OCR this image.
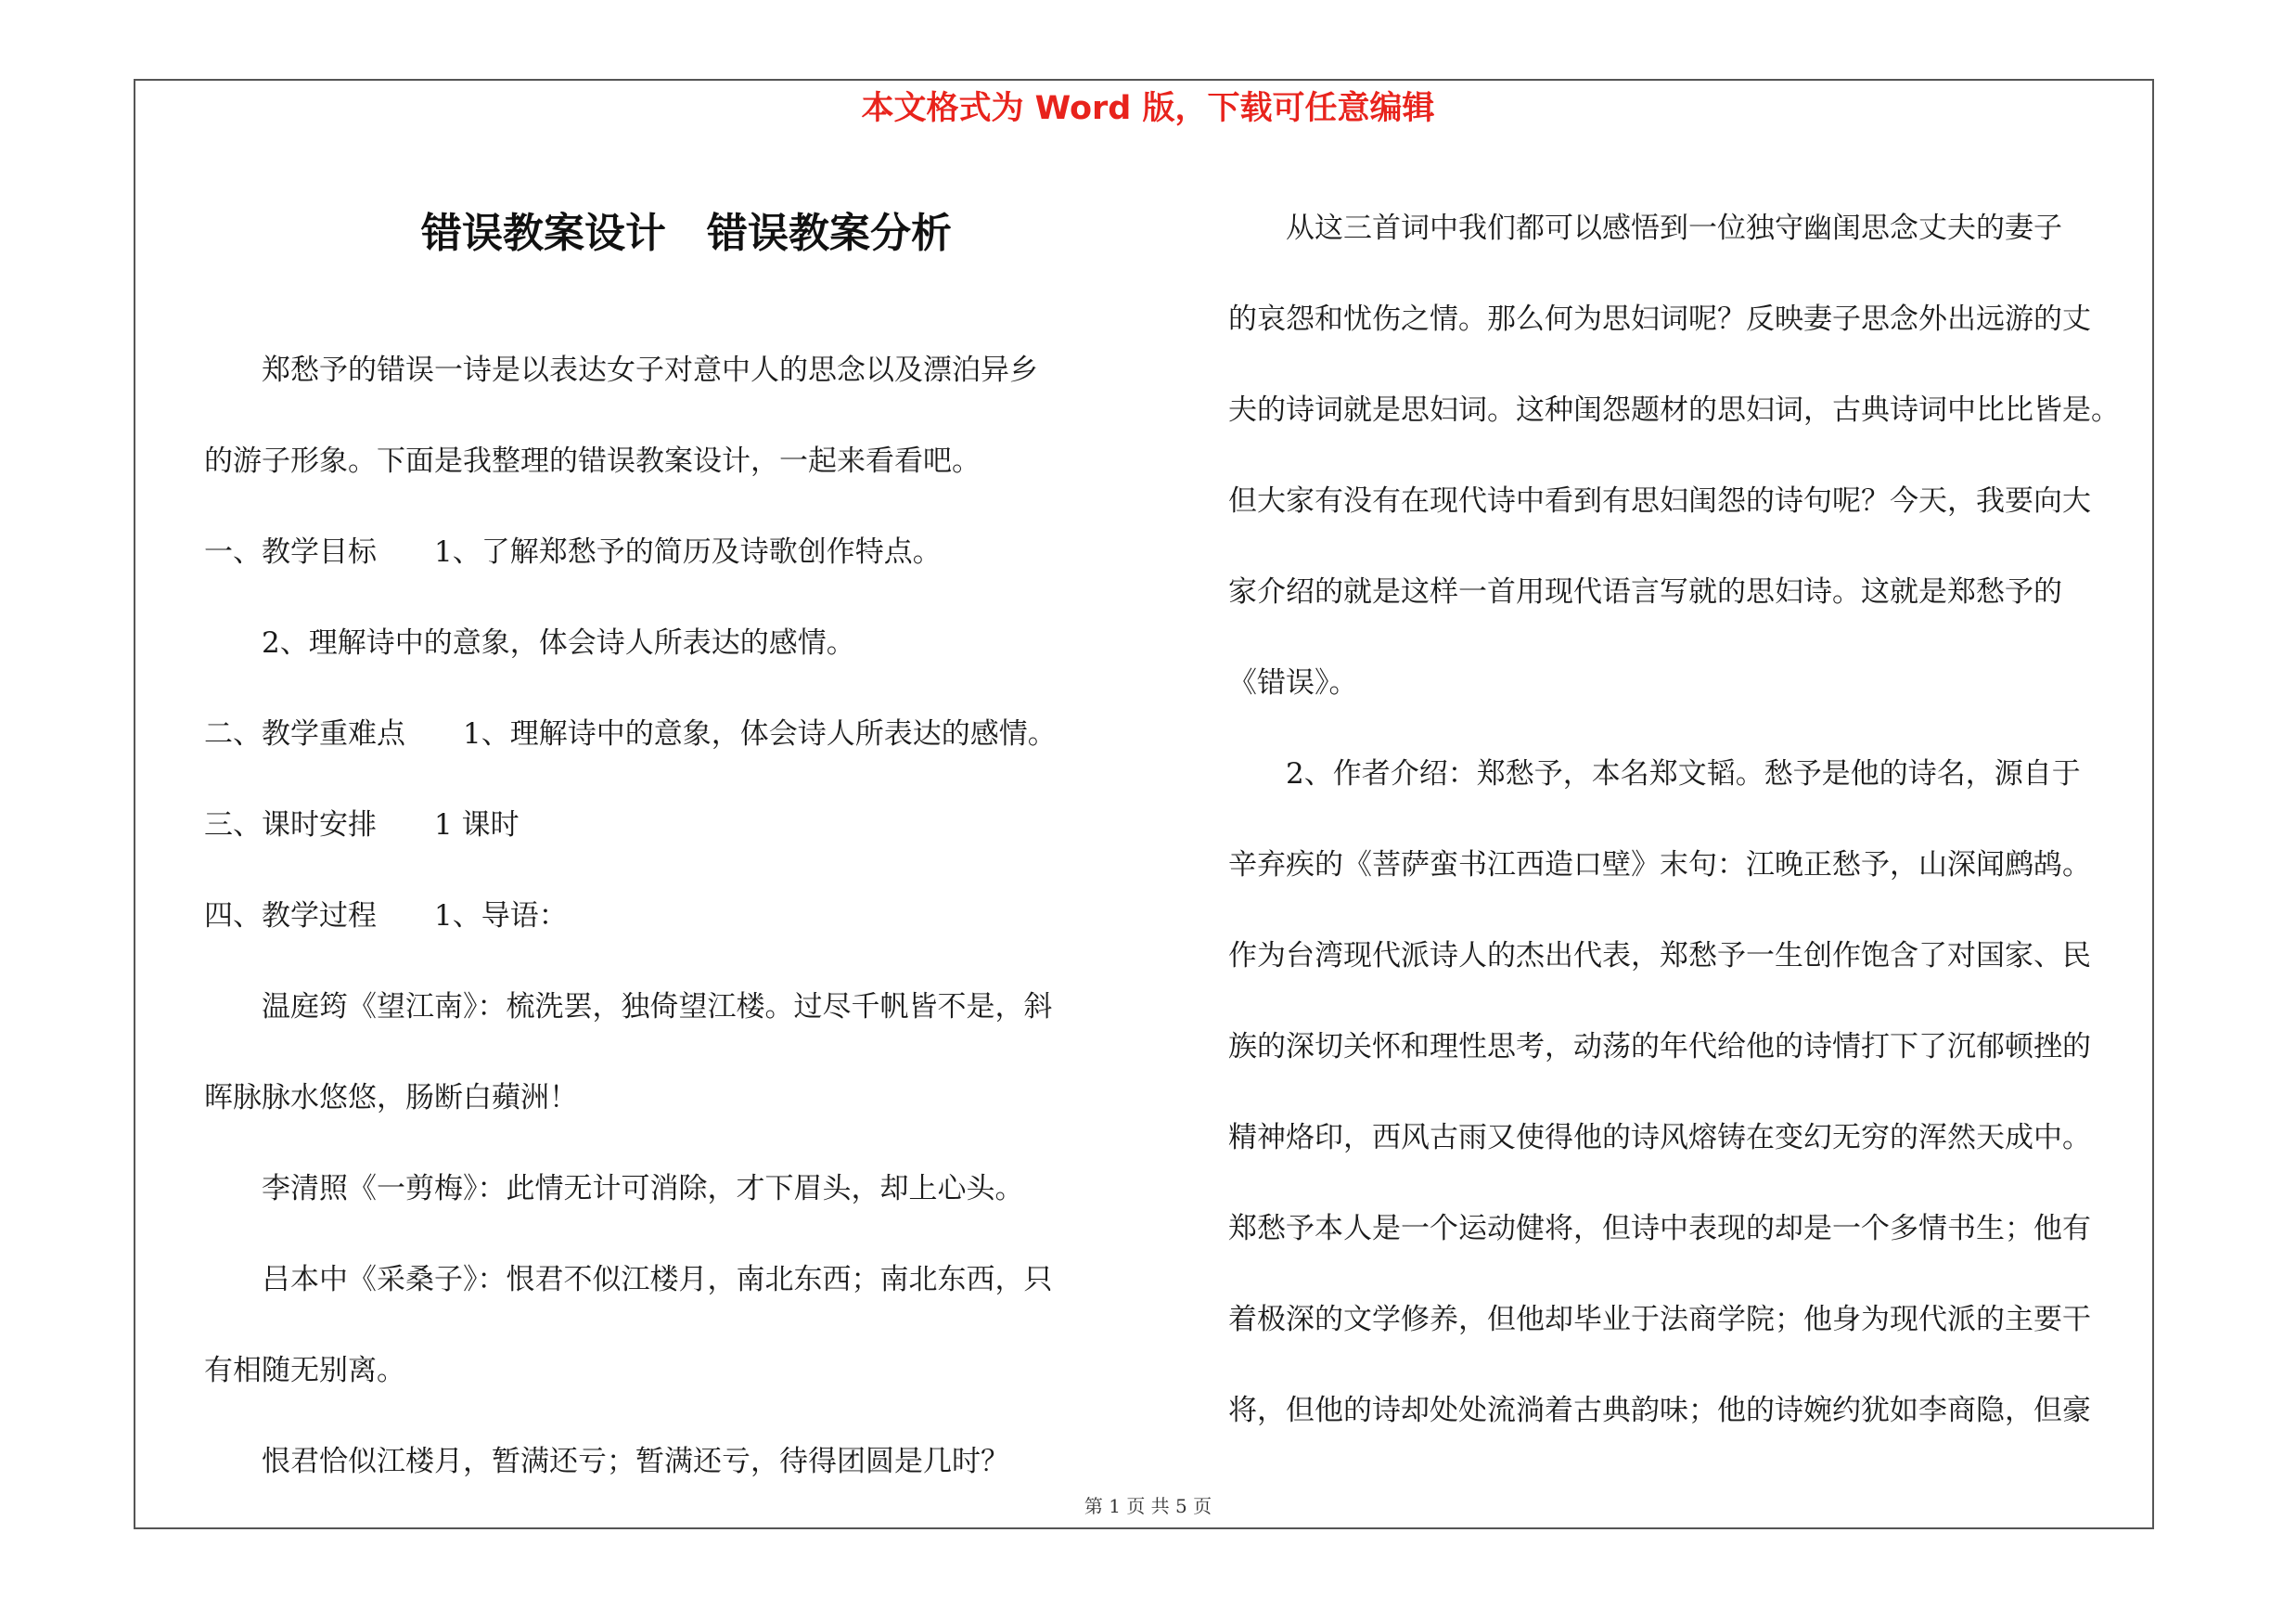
本文格式为 Word 版，下载可任意编辑
错误教案设计　错误教案分析
　　郑愁予的错误一诗是以表达女子对意中人的思念以及漂泊异乡
的游子形象。下面是我整理的错误教案设计，一起来看看吧。
一、教学目标　　1、了解郑愁予的简历及诗歌创作特点。
　　2、理解诗中的意象，体会诗人所表达的感情。
二、教学重难点　　1、理解诗中的意象，体会诗人所表达的感情。
三、课时安排　　1 课时
四、教学过程　　1、导语：
　　温庭筠《望江南》：梳洗罢，独倚望江楼。过尽千帆皆不是，斜
晖脉脉水悠悠，肠断白蘋洲！
　　李清照《一剪梅》：此情无计可消除，才下眉头，却上心头。
　　吕本中《采桑子》：恨君不似江楼月，南北东西；南北东西，只
有相随无别离。
　　恨君恰似江楼月，暂满还亏；暂满还亏，待得团圆是几时？
　　从这三首词中我们都可以感悟到一位独守幽闺思念丈夫的妻子
的哀怨和忧伤之情。那么何为思妇词呢？反映妻子思念外出远游的丈
夫的诗词就是思妇词。这种闺怨题材的思妇词，古典诗词中比比皆是。
但大家有没有在现代诗中看到有思妇闺怨的诗句呢？今天，我要向大
家介绍的就是这样一首用现代语言写就的思妇诗。这就是郑愁予的
《错误》。
　　2、作者介绍：郑愁予，本名郑文韬。愁予是他的诗名，源自于
辛弃疾的《菩萨蛮书江西造口壁》末句：江晚正愁予，山深闻鹧鸪。
作为台湾现代派诗人的杰出代表，郑愁予一生创作饱含了对国家、民
族的深切关怀和理性思考，动荡的年代给他的诗情打下了沉郁顿挫的
精神烙印，西风古雨又使得他的诗风熔铸在变幻无穷的浑然天成中。
郑愁予本人是一个运动健将，但诗中表现的却是一个多情书生；他有
着极深的文学修养，但他却毕业于法商学院；他身为现代派的主要干
将，但他的诗却处处流淌着古典韵味；他的诗婉约犹如李商隐，但豪
第 1 页 共 5 页
